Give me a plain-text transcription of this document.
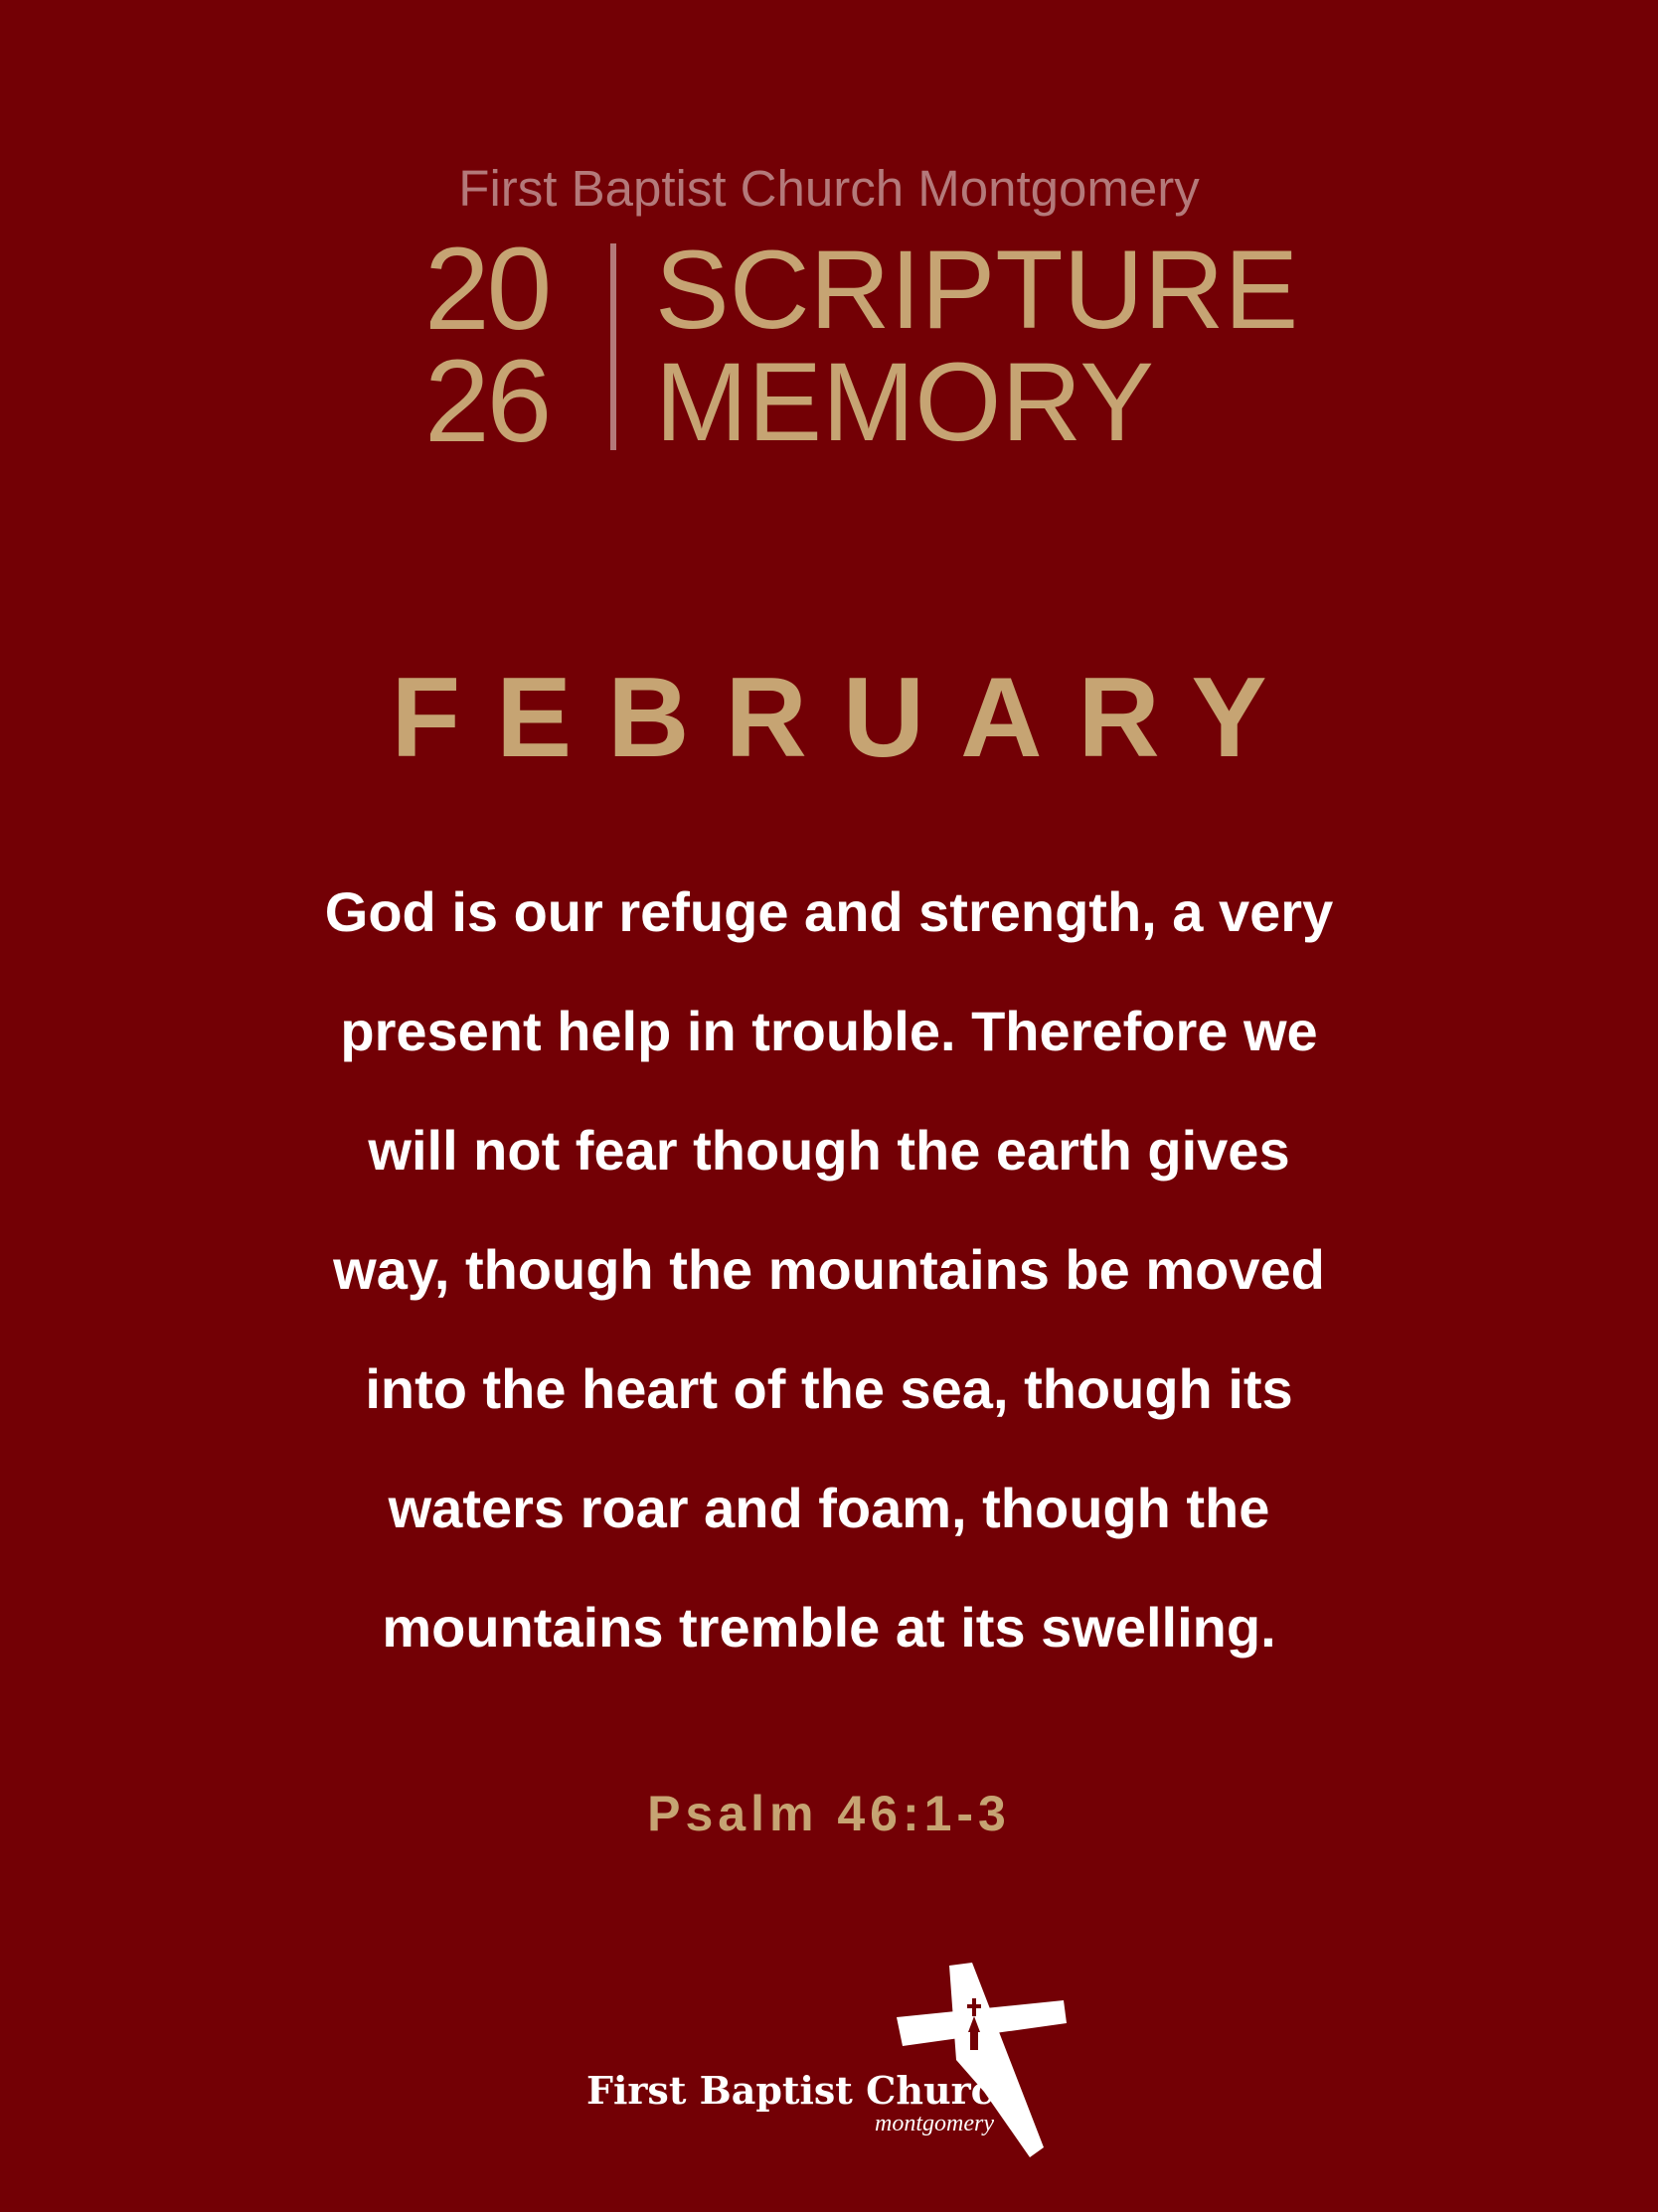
First Baptist Church Montgomery
20
26
SCRIPTURE
MEMORY
FEBRUARY
God is our refuge and strength, a very
present help in trouble. Therefore we
will not fear though the earth gives
way, though the mountains be moved
into the heart of the sea, though its
waters roar and foam, though the
mountains tremble at its swelling.
Psalm 46:1-3
First Baptist Church
montgomery
